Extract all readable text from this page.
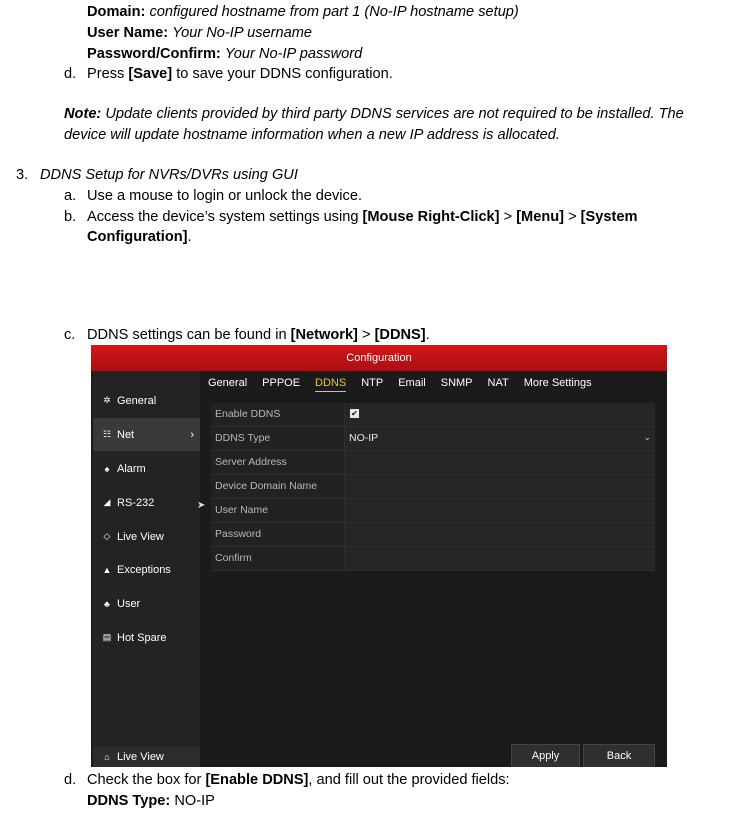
Domain: configured hostname from part 1 (No-IP hostname setup)
User Name: Your No-IP username
Password/Confirm: Your No-IP password
d. Press [Save] to save your DDNS configuration.
Note: Update clients provided by third party DDNS services are not required to be installed. The
device will update hostname information when a new IP address is allocated.
3. DDNS Setup for NVRs/DVRs using GUI
a. Use a mouse to login or unlock the device.
b. Access the device’s system settings using [Mouse Right-Click] > [Menu] > [System
Configuration].
c. DDNS settings can be found in [Network] > [DDNS].
Configuration
✲ General
☷ Net	›
♠ Alarm
◢ RS-232
◇ Live View
▲ Exceptions
♣ User
▤ Hot Spare
⌂ Live View
➤
General PPPOE DDNS NTP Email SNMP NAT More Settings
Enable DDNS	✔
DDNS Type	NO-IP	⌄
Server Address
Device Domain Name
User Name
Password
Confirm
Apply	Back
d. Check the box for [Enable DDNS], and fill out the provided fields:
DDNS Type: NO-IP
